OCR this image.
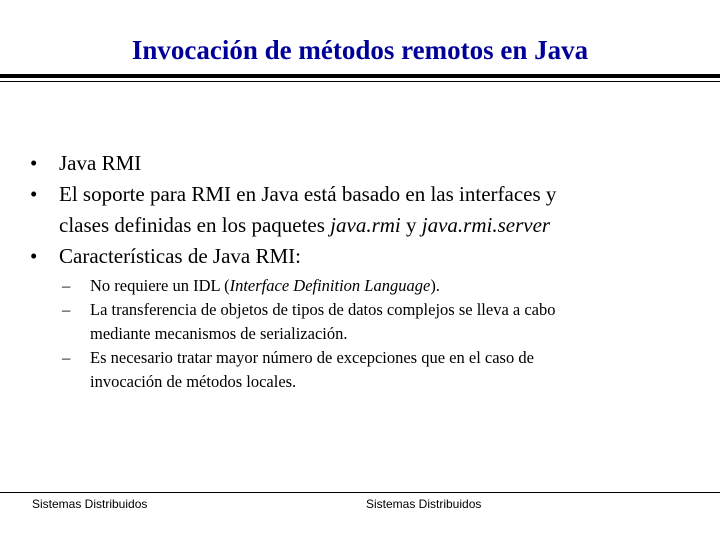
Invocación de métodos remotos en Java
• Java RMI
• El soporte para RMI en Java está basado en las interfaces y
clases definidas en los paquetes java.rmi y java.rmi.server
• Características de Java RMI:
– No requiere un IDL (Interface Definition Language).
– La transferencia de objetos de tipos de datos complejos se lleva a cabo
mediante mecanismos de serialización.
– Es necesario tratar mayor número de excepciones que en el caso de
invocación de métodos locales.
Sistemas Distribuidos	Sistemas Distribuidos
